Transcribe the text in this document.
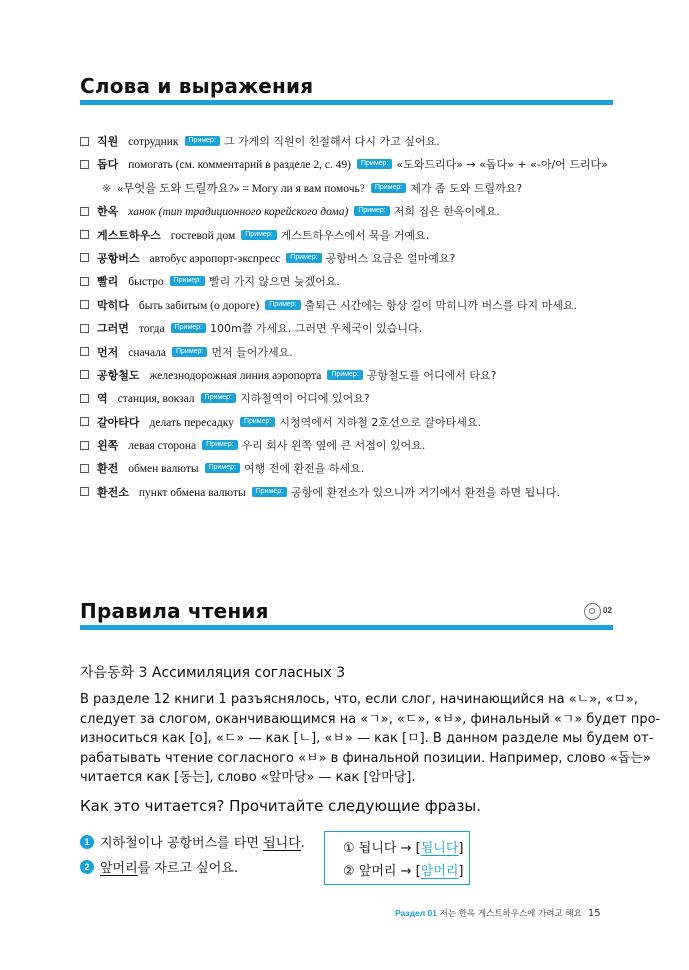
Слова и выражения
직원 сотрудник Пример: 그 가게의 직원이 친절해서 다시 가고 싶어요.
돕다 помогать (см. комментарий в разделе 2, с. 49) Пример: «도와드리다» → «돕다» + «-아/어 드리다»
※ «무엇을 도와 드릴까요?» = Могу ли я вам помочь? Пример: 제가 좀 도와 드릴까요?
한옥 ханок (тип традиционного корейского дома) Пример: 저희 집은 한옥이에요.
게스트하우스 гостевой дом Пример: 게스트하우스에서 묵을 거예요.
공항버스 автобус аэропорт-экспресс Пример: 공항버스 요금은 얼마예요?
빨리 быстро Пример: 빨리 가지 않으면 늦겠어요.
막히다 быть забитым (о дороге) Пример: 출퇴근 시간에는 항상 길이 막히니까 버스를 타지 마세요.
그러면 тогда Пример: 100m쯤 가세요. 그러면 우체국이 있습니다.
먼저 сначала Пример: 먼저 들어가세요.
공항철도 железнодорожная линия аэропорта Пример: 공항철도를 어디에서 타요?
역 станция, вокзал Пример: 지하철역이 어디에 있어요?
갈아타다 делать пересадку Пример: 시청역에서 지하철 2호선으로 갈아타세요.
왼쪽 левая сторона Пример: 우리 회사 왼쪽 옆에 큰 서점이 있어요.
환전 обмен валюты Пример: 여행 전에 환전을 하세요.
환전소 пункт обмена валюты Пример: 공항에 환전소가 있으니까 거기에서 환전을 하면 됩니다.
Правила чтения	02
자음동화 3 Ассимиляция согласных 3
В разделе 12 книги 1 разъяснялось, что, если слог, начинающийся на «ㄴ», «ㅁ»,
следует за слогом, оканчивающимся на «ㄱ», «ㄷ», «ㅂ», финальный «ㄱ» будет про-
износиться как [о], «ㄷ» — как [ㄴ], «ㅂ» — как [ㅁ]. В данном разделе мы будем от-
рабатывать чтение согласного «ㅂ» в финальной позиции. Например, слово «돕는»
читается как [동는], слово «앞마당» — как [암마당].
Как это читается? Прочитайте следующие фразы.
1 지하철이나 공항버스를 타면 됩니다.
2 앞머리를 자르고 싶어요.
① 됩니다 → [됨니다]
② 앞머리 → [암머리]
Раздел 01 저는 한옥 게스트하우스에 가려고 해요 15
